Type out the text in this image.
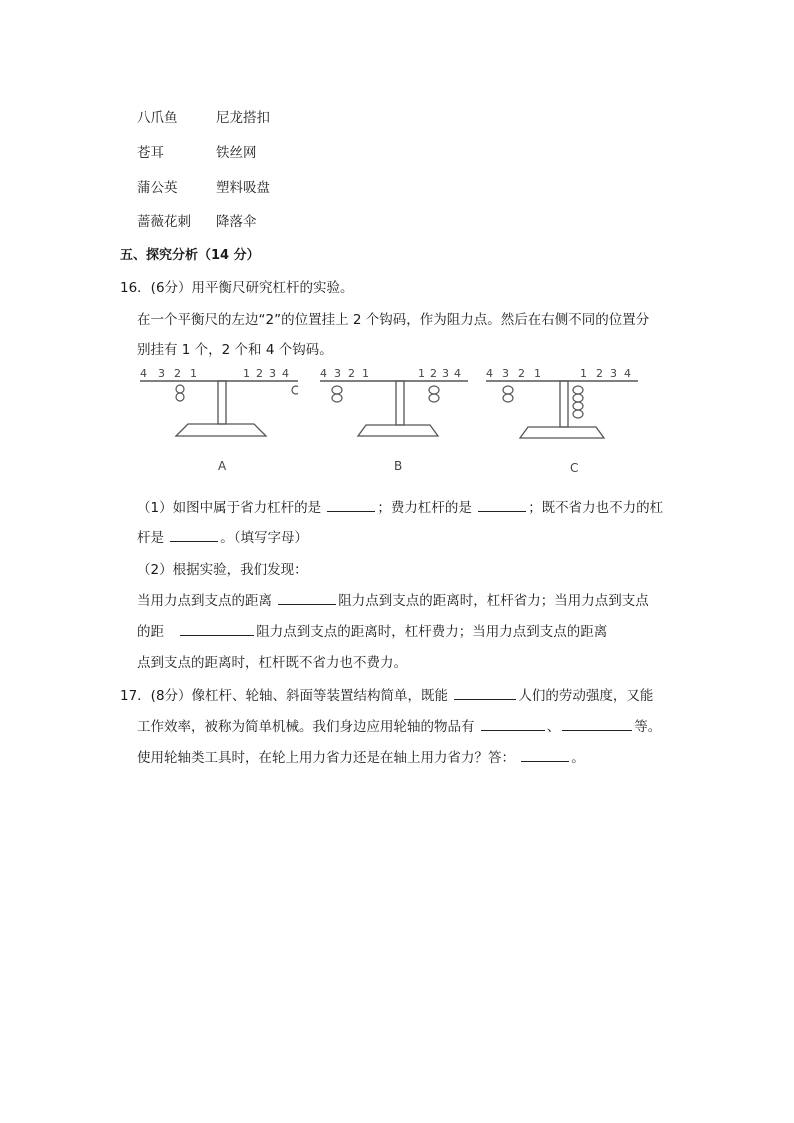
八爪鱼	尼龙搭扣
苍耳	铁丝网
蒲公英	塑料吸盘
蔷薇花刺 降落伞
五、探究分析（14 分）
16．(6分）用平衡尺研究杠杆的实验。
在一个平衡尺的左边“2”的位置挂上 2 个钩码，作为阻力点。然后在右侧不同的位置分
别挂有 1 个，2 个和 4 个钩码。
4 3 2 1	1 2 3 4
A
4 3 2 1	1 2 3 4
B
4 3 2 1	1 2 3 4
C
（1）如图中属于省力杠杆的是	；费力杠杆的是	；既不省力也不力的杠
杆是	。（填写字母）
（2）根据实验，我们发现：
当用力点到支点的距离	阻力点到支点的距离时，杠杆省力；当用力点到支点
的距	阻力点到支点的距离时，杠杆费力；当用力点到支点的距离
点到支点的距离时，杠杆既不省力也不费力。
17．(8分）像杠杆、轮轴、斜面等装置结构简单，既能	人们的劳动强度，又能
工作效率，被称为简单机械。我们身边应用轮轴的物品有	、	等。
使用轮轴类工具时，在轮上用力省力还是在轴上用力省力？答：	。
